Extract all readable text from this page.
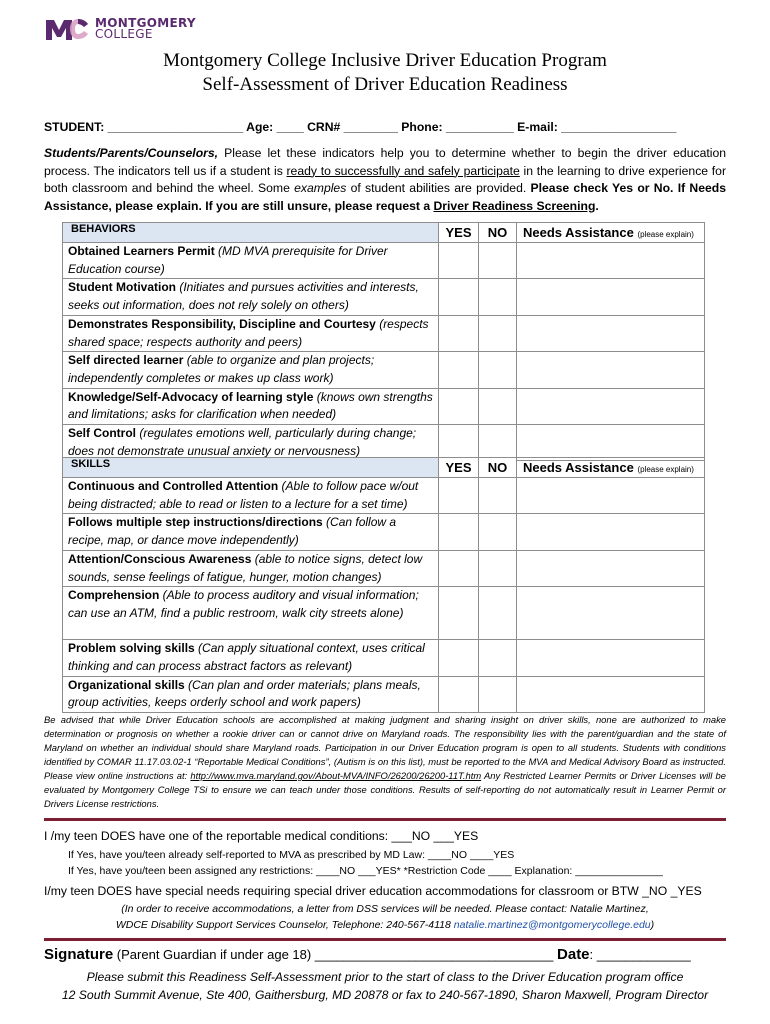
MONTGOMERY
COLLEGE
Montgomery College Inclusive Driver Education Program
Self-Assessment of Driver Education Readiness
STUDENT: ____________________ Age: ____ CRN# ________ Phone: __________ E-mail: _________________
Students/Parents/Counselors, Please let these indicators help you to determine whether to begin the driver education process. The indicators tell us if a student is ready to successfully and safely participate in the learning to drive experience for both classroom and behind the wheel. Some examples of student abilities are provided. Please check Yes or No. If Needs Assistance, please explain. If you are still unsure, please request a Driver Readiness Screening.
BEHAVIORS	YES	NO	Needs Assistance (please explain)
Obtained Learners Permit (MD MVA prerequisite for Driver Education course)			
Student Motivation (Initiates and pursues activities and interests, seeks out information, does not rely solely on others)			
Demonstrates Responsibility, Discipline and Courtesy (respects shared space; respects authority and peers)			
Self directed learner (able to organize and plan projects; independently completes or makes up class work)			
Knowledge/Self-Advocacy of learning style (knows own strengths and limitations; asks for clarification when needed)			
Self Control (regulates emotions well, particularly during change; does not demonstrate unusual anxiety or nervousness)			
SKILLS	YES	NO	Needs Assistance (please explain)
Continuous and Controlled Attention (Able to follow pace w/out being distracted; able to read or listen to a lecture for a set time)			
Follows multiple step instructions/directions (Can follow a recipe, map, or dance move independently)			
Attention/Conscious Awareness (able to notice signs, detect low sounds, sense feelings of fatigue, hunger, motion changes)			
Comprehension (Able to process auditory and visual information; can use an ATM, find a public restroom, walk city streets alone)			
Problem solving skills (Can apply situational context, uses critical thinking and can process abstract factors as relevant)			
Organizational skills (Can plan and order materials; plans meals, group activities, keeps orderly school and work papers)			
Be advised that while Driver Education schools are accomplished at making judgment and sharing insight on driver skills, none are authorized to make determination or prognosis on whether a rookie driver can or cannot drive on Maryland roads. The responsibility lies with the parent/guardian and the state of Maryland on whether an individual should share Maryland roads. Participation in our Driver Education program is open to all students. Students with conditions identified by COMAR 11.17.03.02-1 “Reportable Medical Conditions”, (Autism is on this list), must be reported to the MVA and Medical Advisory Board as instructed. Please view online instructions at: http://www.mva.maryland.gov/About-MVA/INFO/26200/26200-11T.htm Any Restricted Learner Permits or Driver Licenses will be evaluated by Montgomery College TSi to ensure we can teach under those conditions. Results of self-reporting do not automatically result in Learner Permit or Drivers License restrictions.
I /my teen DOES have one of the reportable medical conditions: ___NO ___YES
If Yes, have you/teen already self-reported to MVA as prescribed by MD Law: ____NO ____YES
If Yes, have you/teen been assigned any restrictions: ____NO ___YES* *Restriction Code ____ Explanation: _______________
I/my teen DOES have special needs requiring special driver education accommodations for classroom or BTW _NO _YES
(In order to receive accommodations, a letter from DSS services will be needed. Please contact: Natalie Martinez,
WDCE Disability Support Services Counselor, Telephone: 240-567-4118 natalie.martinez@montgomerycollege.edu)
Signature (Parent Guardian if under age 18) _________________________________ Date: _____________
Please submit this Readiness Self-Assessment prior to the start of class to the Driver Education program office
12 South Summit Avenue, Ste 400, Gaithersburg, MD 20878 or fax to 240-567-1890, Sharon Maxwell, Program Director
